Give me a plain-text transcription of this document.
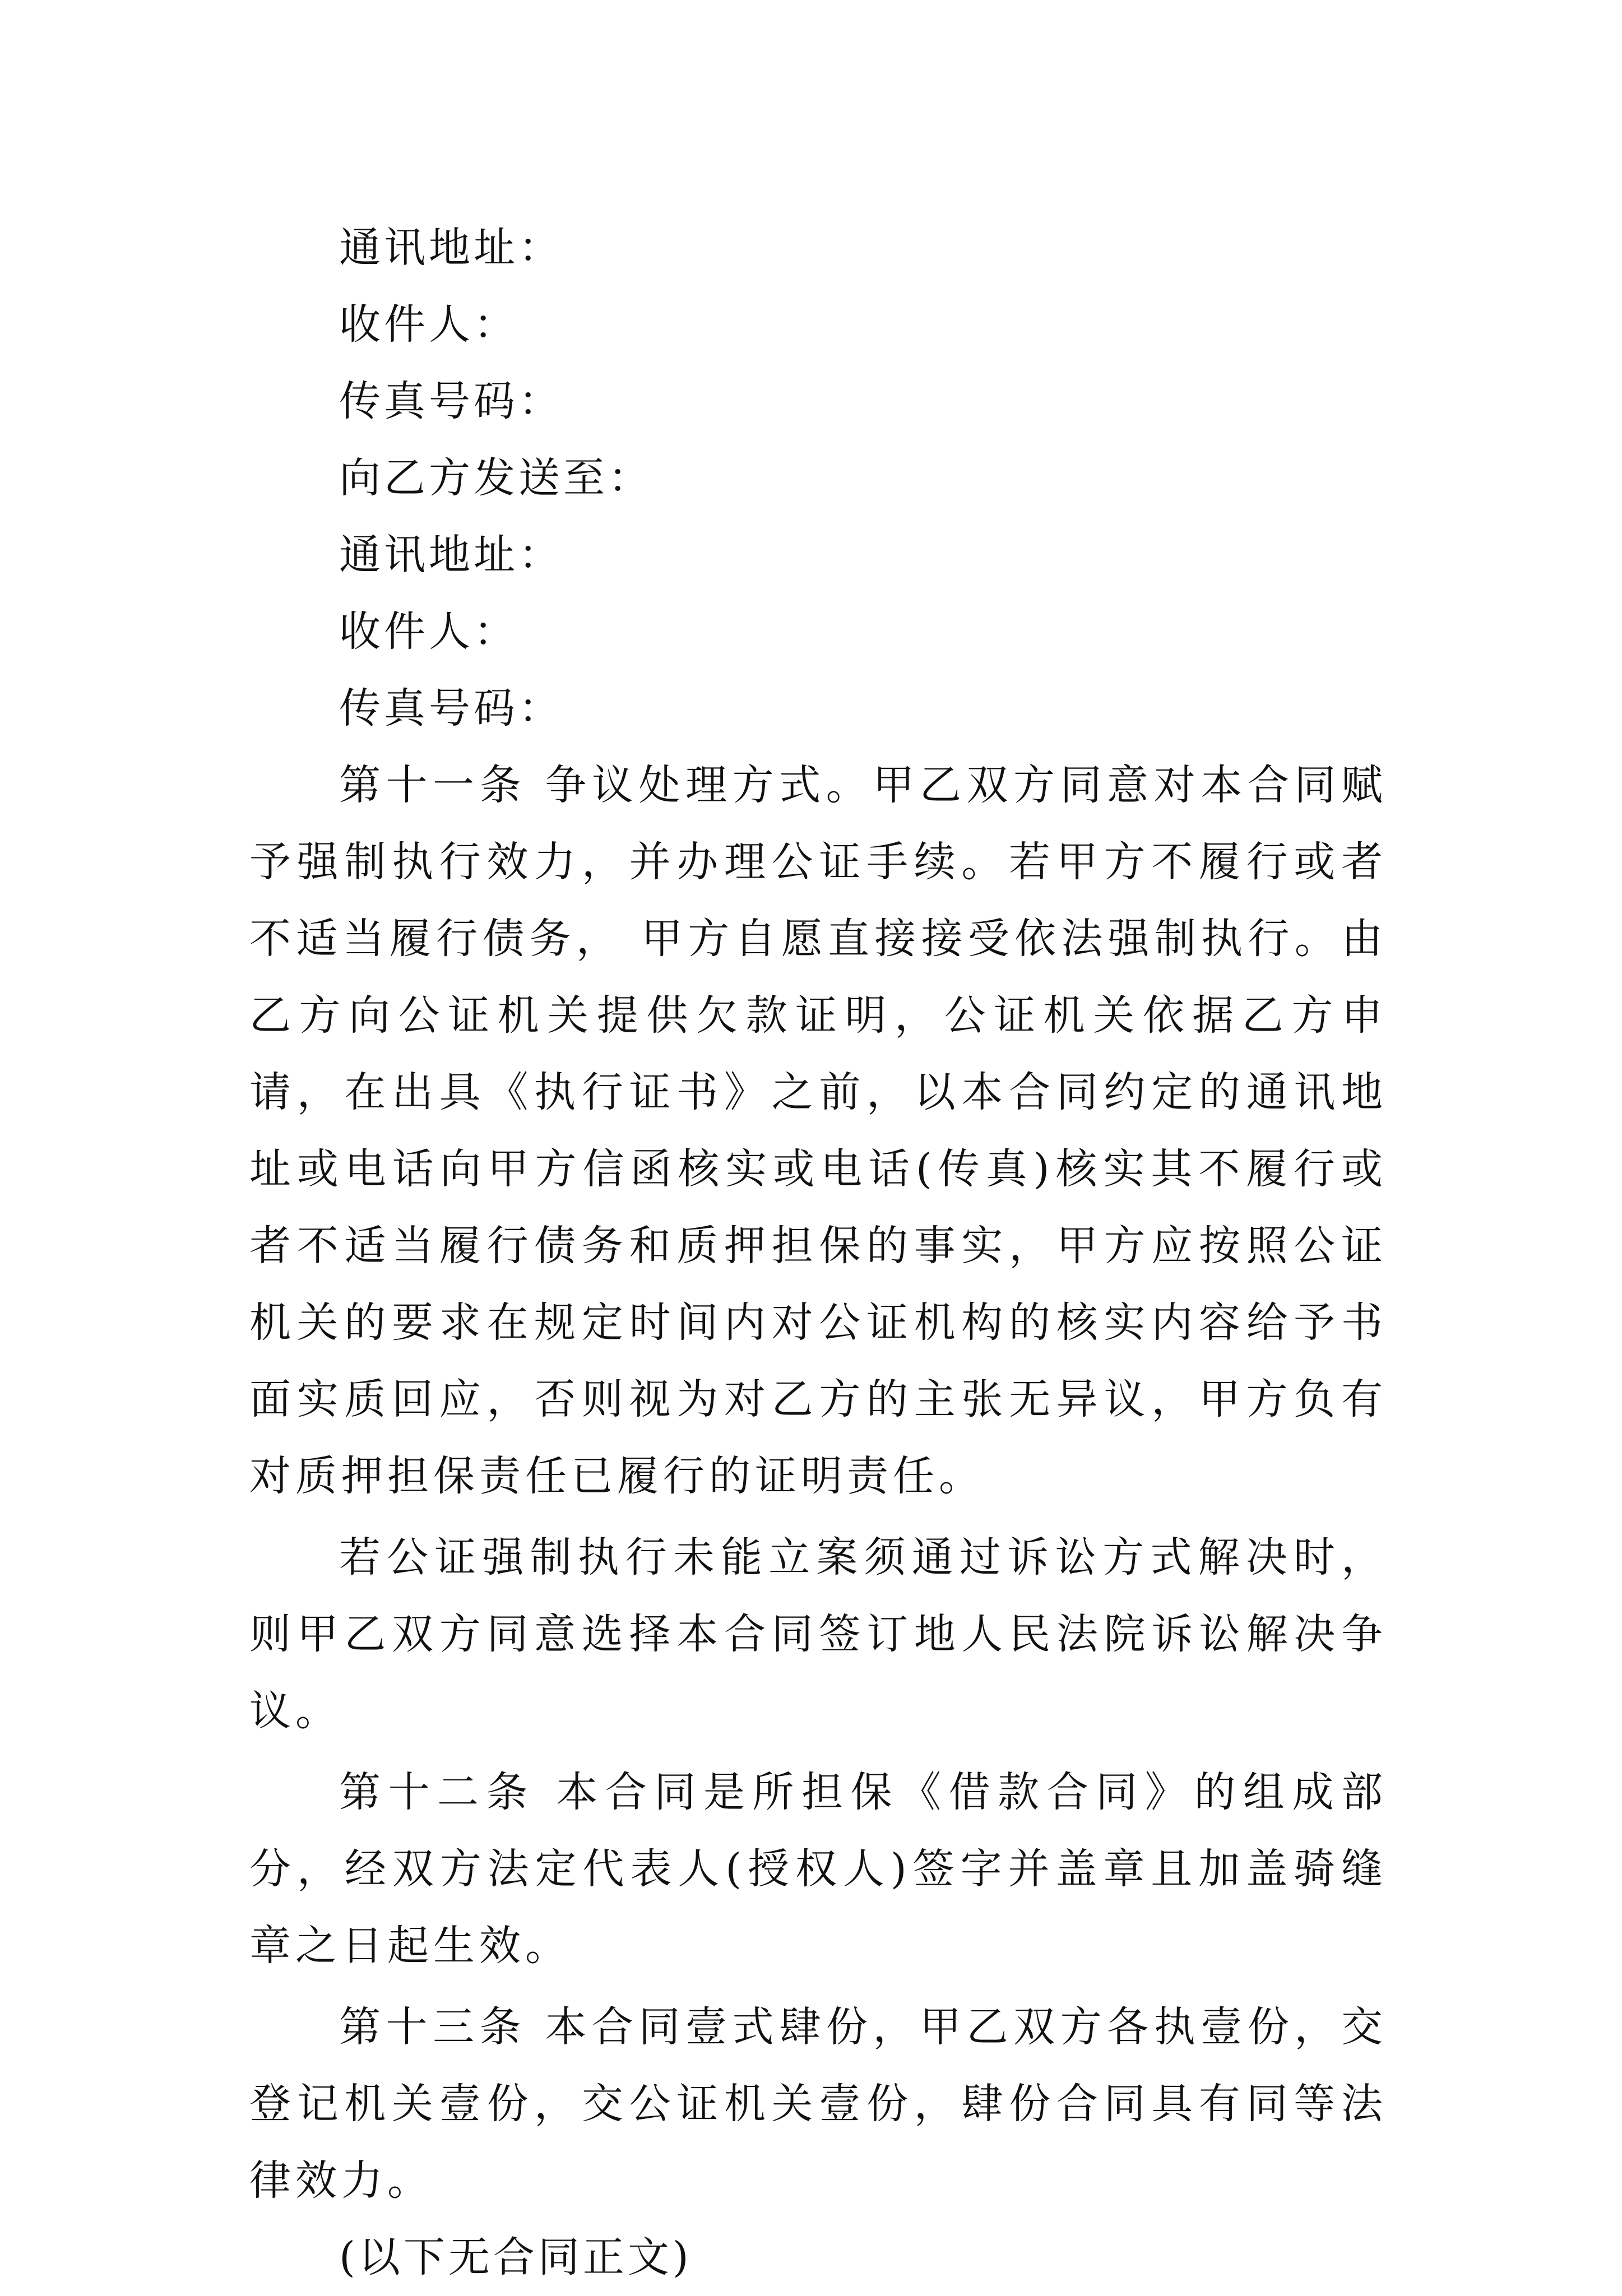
通讯地址：

收件人：

传真号码：

向乙方发送至：

通讯地址：

收件人：

传真号码：

第十一条 争议处理方式。甲乙双方同意对本合同赋予强制执行效力，并办理公证手续。若甲方不履行或者不适当履行债务， 甲方自愿直接接受依法强制执行。由乙方向公证机关提供欠款证明，公证机关依据乙方申请，在出具《执行证书》之前，以本合同约定的通讯地址或电话向甲方信函核实或电话(传真)核实其不履行或者不适当履行债务和质押担保的事实，甲方应按照公证机关的要求在规定时间内对公证机构的核实内容给予书面实质回应，否则视为对乙方的主张无异议，甲方负有对质押担保责任已履行的证明责任。

若公证强制执行未能立案须通过诉讼方式解决时，则甲乙双方同意选择本合同签订地人民法院诉讼解决争议。

第十二条 本合同是所担保《借款合同》的组成部分，经双方法定代表人(授权人)签字并盖章且加盖骑缝章之日起生效。

第十三条 本合同壹式肆份，甲乙双方各执壹份，交登记机关壹份，交公证机关壹份，肆份合同具有同等法律效力。

(以下无合同正文)
